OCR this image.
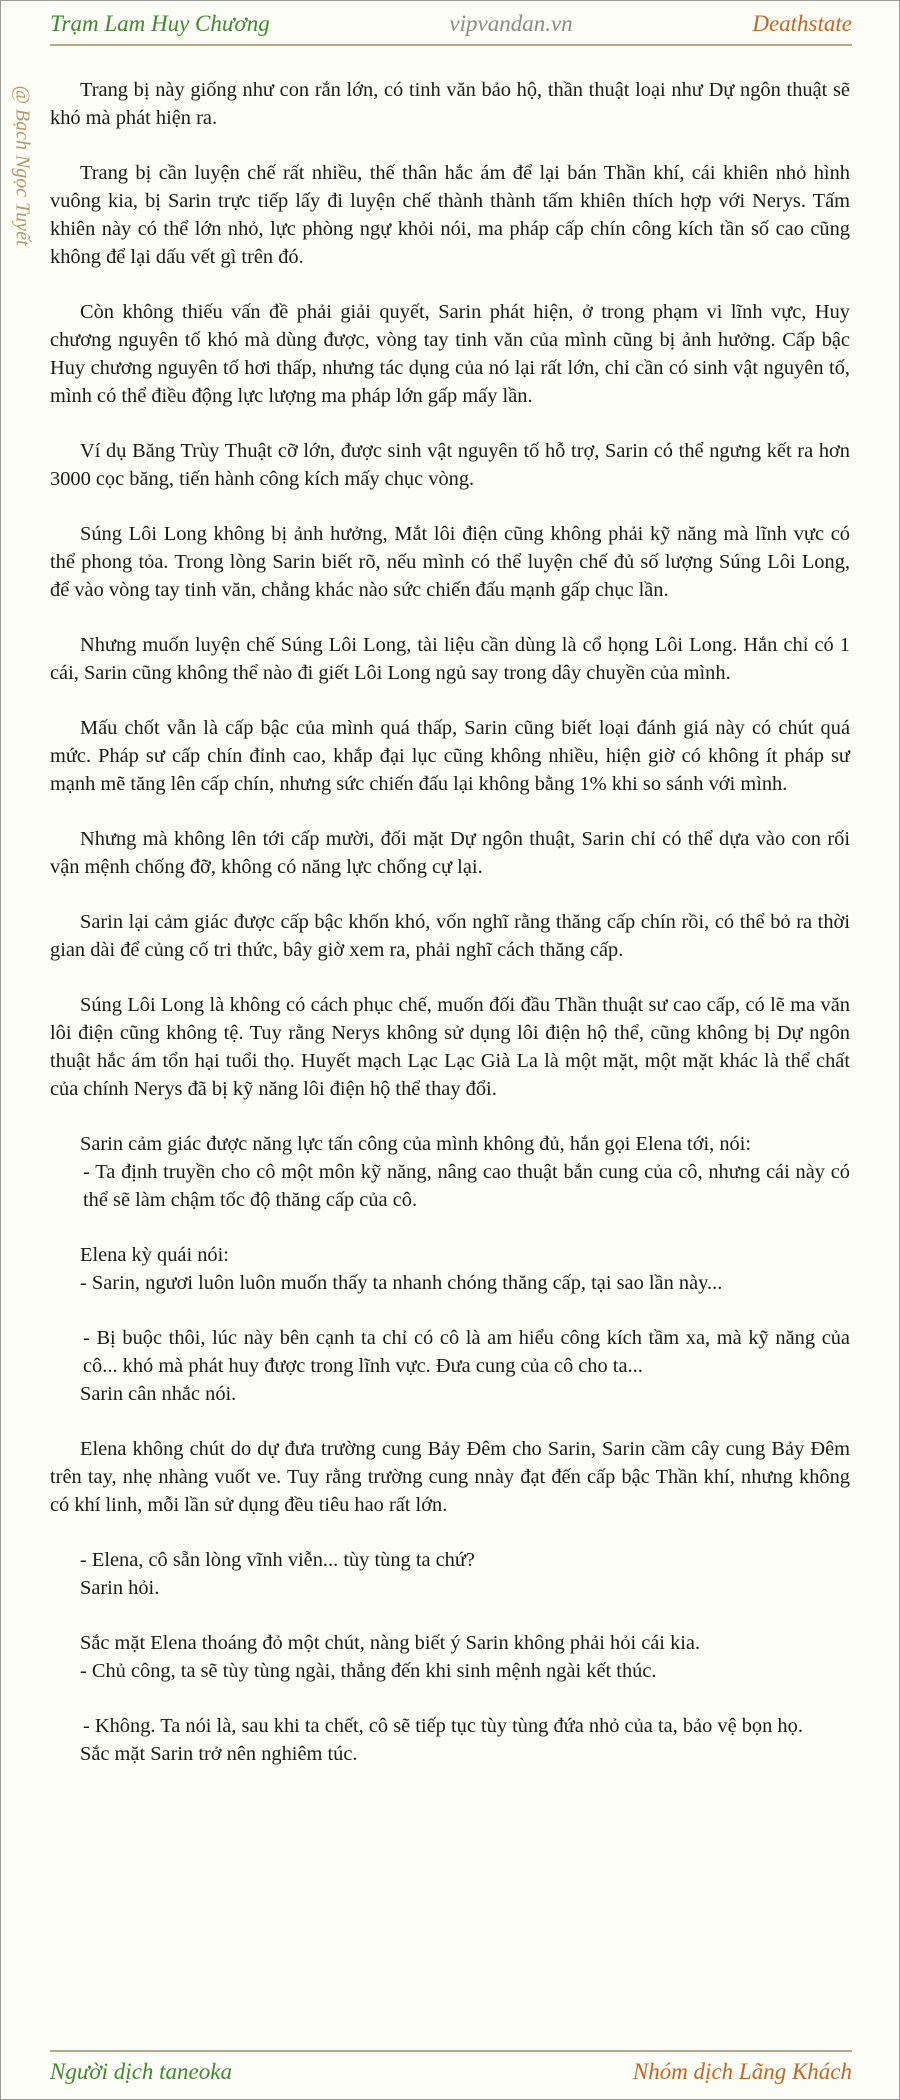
Trạm Lam Huy Chương	vipvandan.vn	Deathstate
@ Bạch Ngọc Tuyết	Trang bị này giống như con rắn lớn, có tinh văn bảo hộ, thần thuật loại như Dự ngôn thuật sẽ khó mà phát hiện ra.

Trang bị cần luyện chế rất nhiều, thế thân hắc ám để lại bán Thần khí, cái khiên nhỏ hình vuông kia, bị Sarin trực tiếp lấy đi luyện chế thành thành tấm khiên thích hợp với Nerys. Tấm khiên này có thể lớn nhỏ, lực phòng ngự khỏi nói, ma pháp cấp chín công kích tần số cao cũng không để lại dấu vết gì trên đó.

Còn không thiếu vấn đề phải giải quyết, Sarin phát hiện, ở trong phạm vi lĩnh vực, Huy chương nguyên tố khó mà dùng được, vòng tay tinh văn của mình cũng bị ảnh hưởng. Cấp bậc Huy chương nguyên tố hơi thấp, nhưng tác dụng của nó lại rất lớn, chỉ cần có sinh vật nguyên tố, mình có thể điều động lực lượng ma pháp lớn gấp mấy lần.

Ví dụ Băng Trùy Thuật cỡ lớn, được sinh vật nguyên tố hỗ trợ, Sarin có thể ngưng kết ra hơn 3000 cọc băng, tiến hành công kích mấy chục vòng.

Súng Lôi Long không bị ảnh hưởng, Mắt lôi điện cũng không phải kỹ năng mà lĩnh vực có thể phong tỏa. Trong lòng Sarin biết rõ, nếu mình có thể luyện chế đủ số lượng Súng Lôi Long, để vào vòng tay tinh văn, chẳng khác nào sức chiến đấu mạnh gấp chục lần.

Nhưng muốn luyện chế Súng Lôi Long, tài liệu cần dùng là cổ họng Lôi Long. Hắn chỉ có 1 cái, Sarin cũng không thể nào đi giết Lôi Long ngủ say trong dây chuyền của mình.

Mấu chốt vẫn là cấp bậc của mình quá thấp, Sarin cũng biết loại đánh giá này có chút quá mức. Pháp sư cấp chín đỉnh cao, khắp đại lục cũng không nhiều, hiện giờ có không ít pháp sư mạnh mẽ tăng lên cấp chín, nhưng sức chiến đấu lại không bằng 1% khi so sánh với mình.

Nhưng mà không lên tới cấp mười, đối mặt Dự ngôn thuật, Sarin chỉ có thể dựa vào con rối vận mệnh chống đỡ, không có năng lực chống cự lại.

Sarin lại cảm giác được cấp bậc khốn khó, vốn nghĩ rằng thăng cấp chín rồi, có thể bỏ ra thời gian dài để củng cố tri thức, bây giờ xem ra, phải nghĩ cách thăng cấp.

Súng Lôi Long là không có cách phục chế, muốn đối đầu Thần thuật sư cao cấp, có lẽ ma văn lôi điện cũng không tệ. Tuy rằng Nerys không sử dụng lôi điện hộ thể, cũng không bị Dự ngôn thuật hắc ám tổn hại tuổi thọ. Huyết mạch Lạc Lạc Già La là một mặt, một mặt khác là thể chất của chính Nerys đã bị kỹ năng lôi điện hộ thể thay đổi.

Sarin cảm giác được năng lực tấn công của mình không đủ, hắn gọi Elena tới, nói:
- Ta định truyền cho cô một môn kỹ năng, nâng cao thuật bắn cung của cô, nhưng cái này có thể sẽ làm chậm tốc độ thăng cấp của cô.

Elena kỳ quái nói:
- Sarin, ngươi luôn luôn muốn thấy ta nhanh chóng thăng cấp, tại sao lần này...

- Bị buộc thôi, lúc này bên cạnh ta chỉ có cô là am hiểu công kích tầm xa, mà kỹ năng của cô... khó mà phát huy được trong lĩnh vực. Đưa cung của cô cho ta...
Sarin cân nhắc nói.

Elena không chút do dự đưa trường cung Bảy Đêm cho Sarin, Sarin cầm cây cung Bảy Đêm trên tay, nhẹ nhàng vuốt ve. Tuy rằng trường cung nnày đạt đến cấp bậc Thần khí, nhưng không có khí linh, mỗi lần sử dụng đều tiêu hao rất lớn.

- Elena, cô sẵn lòng vĩnh viễn... tùy tùng ta chứ?
Sarin hỏi.

Sắc mặt Elena thoáng đỏ một chút, nàng biết ý Sarin không phải hỏi cái kia.
- Chủ công, ta sẽ tùy tùng ngài, thẳng đến khi sinh mệnh ngài kết thúc.

- Không. Ta nói là, sau khi ta chết, cô sẽ tiếp tục tùy tùng đứa nhỏ của ta, bảo vệ bọn họ.
Sắc mặt Sarin trở nên nghiêm túc.

Người dịch taneoka	Nhóm dịch Lãng Khách
